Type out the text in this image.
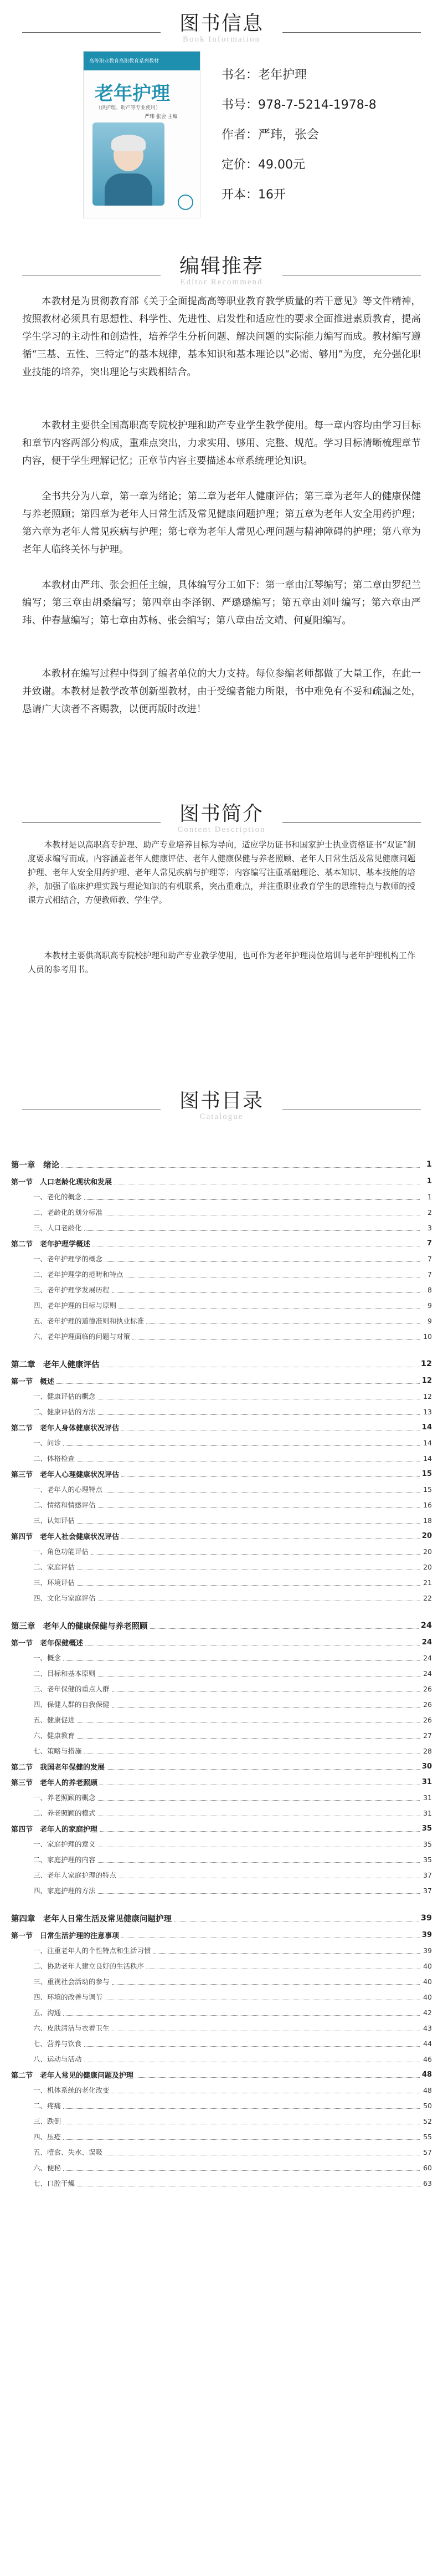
图书信息
Book Information
高等职业教育高职教育系列教材
老年护理
（供护理、助产等专业使用）
严玮 张会 主编
书名：老年护理
书号：978-7-5214-1978-8
作者：严玮，张会
定价：49.00元
开本：16开
编辑推荐
Editor Recommend

本教材是为贯彻教育部《关于全面提高高等职业教育教学质量的若干意见》等文件精神，按照教材必须具有思想性、科学性、先进性、启发性和适应性的要求全面推进素质教育，提高学生学习的主动性和创造性，培养学生分析问题、解决问题的实际能力编写而成。教材编写遵循“三基、五性、三特定”的基本规律，基本知识和基本理论以“必需、够用”为度，充分强化职业技能的培养，突出理论与实践相结合。

本教材主要供全国高职高专院校护理和助产专业学生教学使用。每一章内容均由学习目标和章节内容两部分构成，重难点突出，力求实用、够用、完整、规范。学习目标清晰梳理章节内容，便于学生理解记忆；正章节内容主要描述本章系统理论知识。

全书共分为八章，第一章为绪论；第二章为老年人健康评估；第三章为老年人的健康保健与养老照顾；第四章为老年人日常生活及常见健康问题护理；第五章为老年人安全用药护理；第六章为老年人常见疾病与护理；第七章为老年人常见心理问题与精神障碍的护理；第八章为老年人临终关怀与护理。

本教材由严玮、张会担任主编，具体编写分工如下：第一章由江琴编写；第二章由罗纪兰编写；第三章由胡桑编写；第四章由李泽钢、严璐璐编写；第五章由刘叶编写；第六章由严玮、仲春慧编写；第七章由苏畅、张会编写；第八章由岳文靖、何夏阳编写。

本教材在编写过程中得到了编者单位的大力支持。每位参编老师都做了大量工作，在此一并致谢。本教材是教学改革创新型教材，由于受编者能力所限，书中难免有不妥和疏漏之处，恳请广大读者不吝赐教，以便再版时改进！

图书简介
Content Description

本教材是以高职高专护理、助产专业培养目标为导向，适应学历证书和国家护士执业资格证书“双证”制度要求编写而成。内容涵盖老年人健康评估、老年人健康保健与养老照顾、老年人日常生活及常见健康问题护理、老年人安全用药护理、老年人常见疾病与护理等；内容编写注重基础理论、基本知识、基本技能的培养，加强了临床护理实践与理论知识的有机联系，突出重难点，并注重职业教育学生的思维特点与教师的授课方式相结合，方便教师教、学生学。

本教材主要供高职高专院校护理和助产专业教学使用，也可作为老年护理岗位培训与老年护理机构工作人员的参考用书。

图书目录
Catalogue
第一章　绪论	1
第一节　人口老龄化现状和发展	1
一、老化的概念	1
二、老龄化的划分标准	2
三、人口老龄化	3
第二节　老年护理学概述	7
一、老年护理学的概念	7
二、老年护理学的范畴和特点	7
三、老年护理学发展历程	8
四、老年护理的目标与原则	9
五、老年护理的道德准则和执业标准	9
六、老年护理面临的问题与对策	10
第二章　老年人健康评估	12
第一节　概述	12
一、健康评估的概念	12
二、健康评估的方法	13
第二节　老年人身体健康状况评估	14
一、问诊	14
二、体格检查	14
第三节　老年人心理健康状况评估	15
一、老年人的心理特点	15
二、情绪和情感评估	16
三、认知评估	18
第四节　老年人社会健康状况评估	20
一、角色功能评估	20
二、家庭评估	20
三、环境评估	21
四、文化与家庭评估	22
第三章　老年人的健康保健与养老照顾	24
第一节　老年保健概述	24
一、概念	24
二、目标和基本原则	24
三、老年保健的重点人群	26
四、保健人群的自我保健	26
五、健康促进	26
六、健康教育	27
七、策略与措施	28
第二节　我国老年保健的发展	30
第三节　老年人的养老照顾	31
一、养老照顾的概念	31
二、养老照顾的模式	31
第四节　老年人的家庭护理	35
一、家庭护理的意义	35
二、家庭护理的内容	35
三、老年人家庭护理的特点	37
四、家庭护理的方法	37
第四章　老年人日常生活及常见健康问题护理	39
第一节　日常生活护理的注意事项	39
一、注重老年人的个性特点和生活习惯	39
二、协助老年人建立良好的生活秩序	40
三、重视社会活动的参与	40
四、环境的改善与调节	40
五、沟通	42
六、皮肤清洁与衣着卫生	43
七、营养与饮食	44
八、运动与活动	46
第二节　老年人常见的健康问题及护理	48
一、机体系统的老化改变	48
二、疼痛	50
三、跌倒	52
四、压疮	55
五、噎食、失水、误吸	57
六、便秘	60
七、口腔干燥	63
